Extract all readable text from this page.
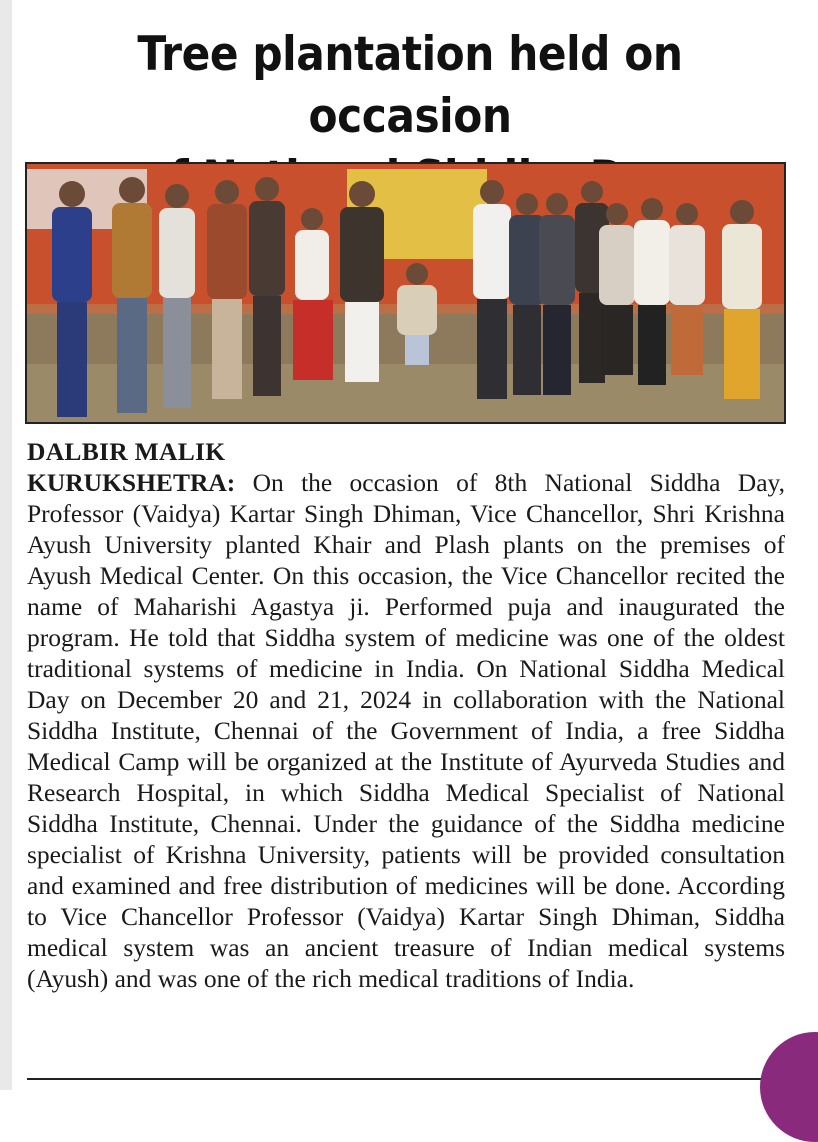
Tree plantation held on occasion

DALBIR MALIK
KURUKSHETRA: On the occasion of 8th National Siddha Day, Professor (Vaidya) Kartar Singh Dhiman, Vice Chancellor, Shri Krishna Ayush University planted Khair and Plash plants on the premises of Ayush Medical Center. On this occasion, the Vice Chancellor recited the name of Maharishi Agastya ji. Performed puja and inaugurated the program. He told that Siddha system of medicine was one of the oldest traditional systems of medicine in India. On National Siddha Medical Day on December 20 and 21, 2024 in collaboration with the National Siddha Institute, Chennai of the Government of India, a free Siddha Medical Camp will be organized at the Institute of Ayurveda Studies and Research Hospital, in which Siddha Medical Specialist of National Siddha Institute, Chennai. Under the guidance of the Siddha medicine specialist of Krishna University, patients will be provided consultation and examined and free distribution of medicines will be done. According to Vice Chancellor Professor (Vaidya) Kartar Singh Dhiman, Siddha medical system was an ancient treasure of Indian medical systems (Ayush) and was one of the rich medical traditions of India.
